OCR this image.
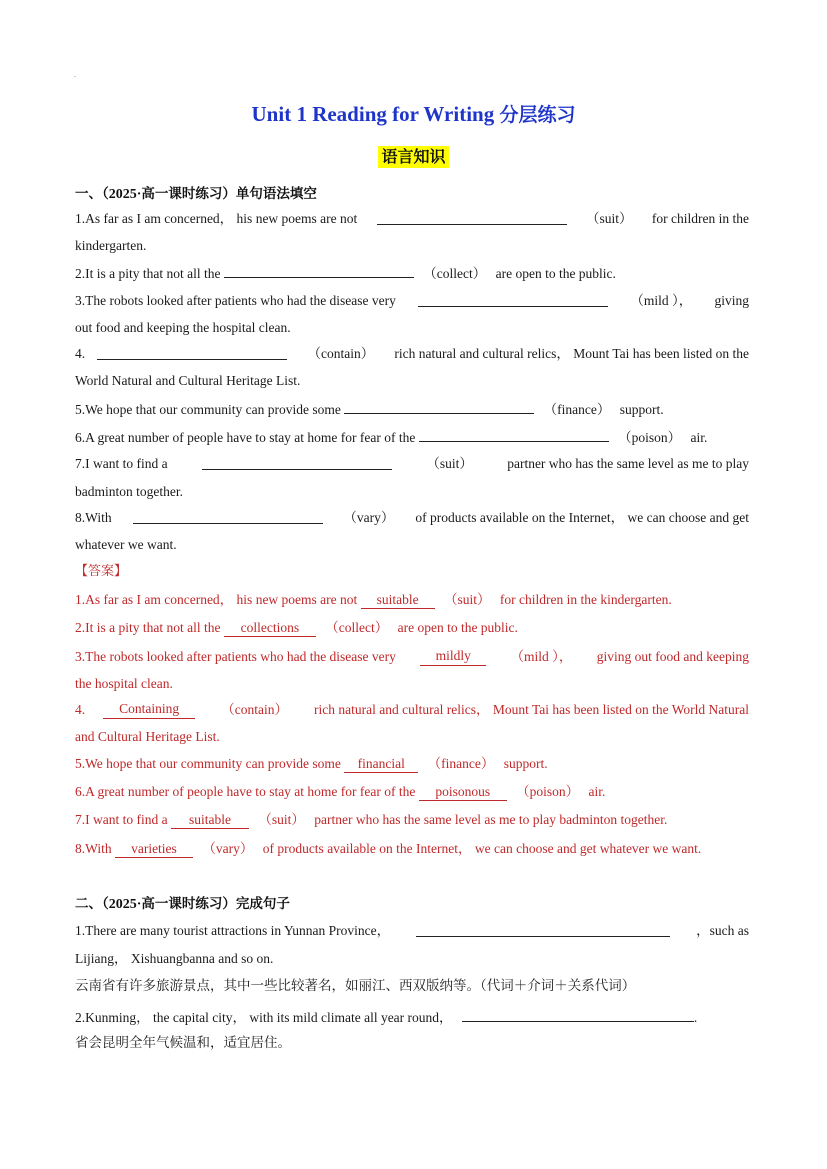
.
Unit 1 Reading for Writing 分层练习
语言知识
一、（2025·高一课时练习）单句语法填空
1.As far as I am concerned， his new poems are not	（suit） for children in the
kindergarten.
2.It is a pity that not all the	（collect） are open to the public.
3.The robots looked after patients who had the disease very	（mild ）， giving
out food and keeping the hospital clean.
4.	（contain） rich natural and cultural relics， Mount Tai has been listed on the
World Natural and Cultural Heritage List.
5.We hope that our community can provide some	（finance） support.
6.A great number of people have to stay at home for fear of the	（poison） air.
7.I want to find a	（suit）	partner who has the same level as me to play
badminton together.
8.With	（vary） of products available on the Internet， we can choose and get
whatever we want.
【答案】
1.As far as I am concerned， his new poems are not suitable （suit） for children in the kindergarten.
2.It is a pity that not all the collections （collect） are open to the public.
3.The robots looked after patients who had the disease very	mildly	（mild ）， giving out food and keeping
the hospital clean.
4.	Containing	（contain） rich natural and cultural relics， Mount Tai has been listed on the World Natural
and Cultural Heritage List.
5.We hope that our community can provide some financial （finance） support.
6.A great number of people have to stay at home for fear of the poisonous （poison） air.
7.I want to find a suitable （suit） partner who has the same level as me to play badminton together.
8.With varieties （vary） of products available on the Internet， we can choose and get whatever we want.
二、（2025·高一课时练习）完成句子
1.There are many tourist attractions in Yunnan Province，	，such as
Lijiang， Xishuangbanna and so on.
云南省有许多旅游景点，其中一些比较著名，如丽江、西双版纳等。（代词＋介词＋关系代词）
2.Kunming， the capital city， with its mild climate all year round，	.
省会昆明全年气候温和，适宜居住。
